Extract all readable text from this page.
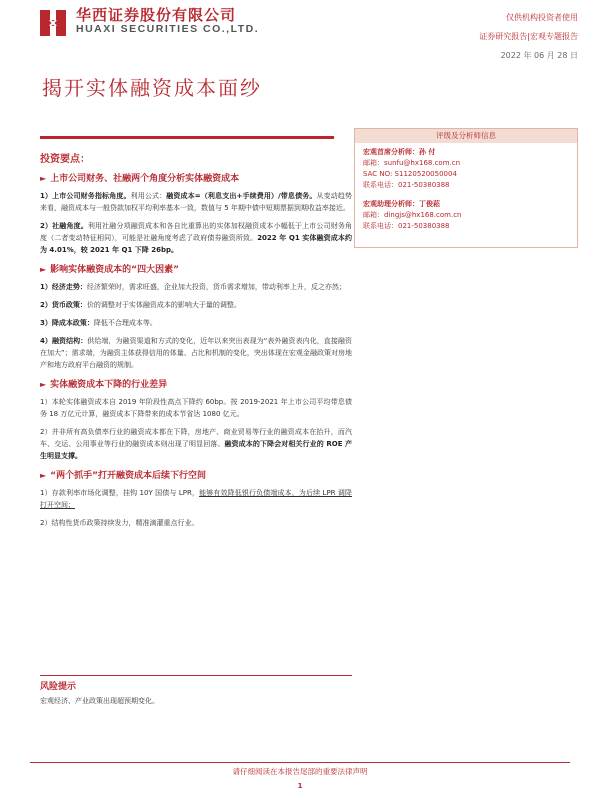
华西证券股份有限公司
HUAXI SECURITIES CO.,LTD.
仅供机构投资者使用
证券研究报告|宏观专题报告
2022 年 06 月 28 日
揭开实体融资成本面纱
评级及分析师信息
宏观首席分析师：孙 付
邮箱：sunfu@hx168.com.cn
SAC NO: S1120520050004
联系电话：021-50380388
宏观助理分析师：丁俊菘
邮箱：dingjs@hx168.com.cn
联系电话：021-50380388
投资要点：
► 上市公司财务、社融两个角度分析实体融资成本
1）上市公司财务指标角度。利用公式：融资成本=（利息支出+手续费用）/带息债务。从变动趋势来看，融资成本与一般贷款加权平均利率基本一致，数值与 5 年期中债中短期票据到期收益率接近。
2）社融角度。利用社融分项融资成本和各自比重算出的实体加权融资成本小幅低于上市公司财务角度（二者变动特征相同），可能是社融角度考虑了政府债券融资所致。2022 年 Q1 实体融资成本约为 4.01%，较 2021 年 Q1 下降 26bp。
► 影响实体融资成本的“四大因素”
1）经济走势：经济繁荣时，需求旺盛，企业加大投资，货币需求增加，带动利率上升，反之亦然；
2）货币政策：价的调整对于实体融资成本的影响大于量的调整。
3）降成本政策：降低不合理成本等。
4）融资结构：供给端，为融资渠道和方式的变化，近年以来突出表现为“表外融资表内化，直接融资在加大”；需求端，为融资主体获得信用的体量、占比和机制的变化，突出体现在宏观金融政策对房地产和地方政府平台融资的规制。
► 实体融资成本下降的行业差异
1）本轮实体融资成本自 2019 年阶段性高点下降约 60bp。按 2019-2021 年上市公司平均带息债务 18 万亿元计算，融资成本下降带来的成本节省达 1080 亿元。
2）并非所有高负债率行业的融资成本都在下降，房地产、商业贸易等行业的融资成本在抬升，而汽车、交运、公用事业等行业的融资成本则出现了明显回落。融资成本的下降会对相关行业的 ROE 产生明显支撑。
► “两个抓手”打开融资成本后续下行空间
1）存款利率市场化调整，挂钩 10Y 国债与 LPR，能够有效降低银行负债端成本，为后续 LPR 调降打开空间；
2）结构性货币政策持续发力，精准滴灌重点行业。
风险提示
宏观经济、产业政策出现超预期变化。
请仔细阅读在本报告尾部的重要法律声明
1
